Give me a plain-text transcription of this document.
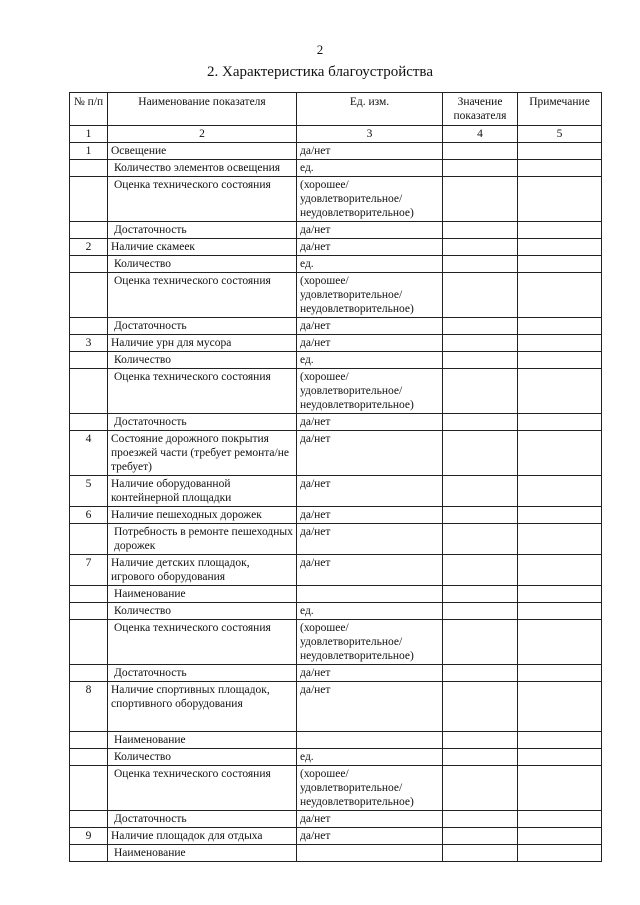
2
2. Характеристика благоустройства
№ п/п	Наименование показателя	Ед. изм.	Значение показателя	Примечание
1	2	3	4	5
1	Освещение	да/нет		
	Количество элементов освещения	ед.		
	Оценка технического состояния	(хорошее/ удовлетворительное/ неудовлетворительное)		
	Достаточность	да/нет		
2	Наличие скамеек	да/нет		
	Количество	ед.		
	Оценка технического состояния	(хорошее/ удовлетворительное/ неудовлетворительное)		
	Достаточность	да/нет		
3	Наличие урн для мусора	да/нет		
	Количество	ед.		
	Оценка технического состояния	(хорошее/ удовлетворительное/ неудовлетворительное)		
	Достаточность	да/нет		
4	Состояние дорожного покрытия проезжей части (требует ремонта/не требует)	да/нет		
5	Наличие оборудованной контейнерной площадки	да/нет		
6	Наличие пешеходных дорожек	да/нет		
	Потребность в ремонте пешеходных дорожек	да/нет		
7	Наличие детских площадок, игрового оборудования	да/нет		
	Наименование			
	Количество	ед.		
	Оценка технического состояния	(хорошее/ удовлетворительное/ неудовлетворительное)		
	Достаточность	да/нет		
8	Наличие спортивных площадок, спортивного оборудования	да/нет		
	Наименование			
	Количество	ед.		
	Оценка технического состояния	(хорошее/ удовлетворительное/ неудовлетворительное)		
	Достаточность	да/нет		
9	Наличие площадок для отдыха	да/нет		
	Наименование			
